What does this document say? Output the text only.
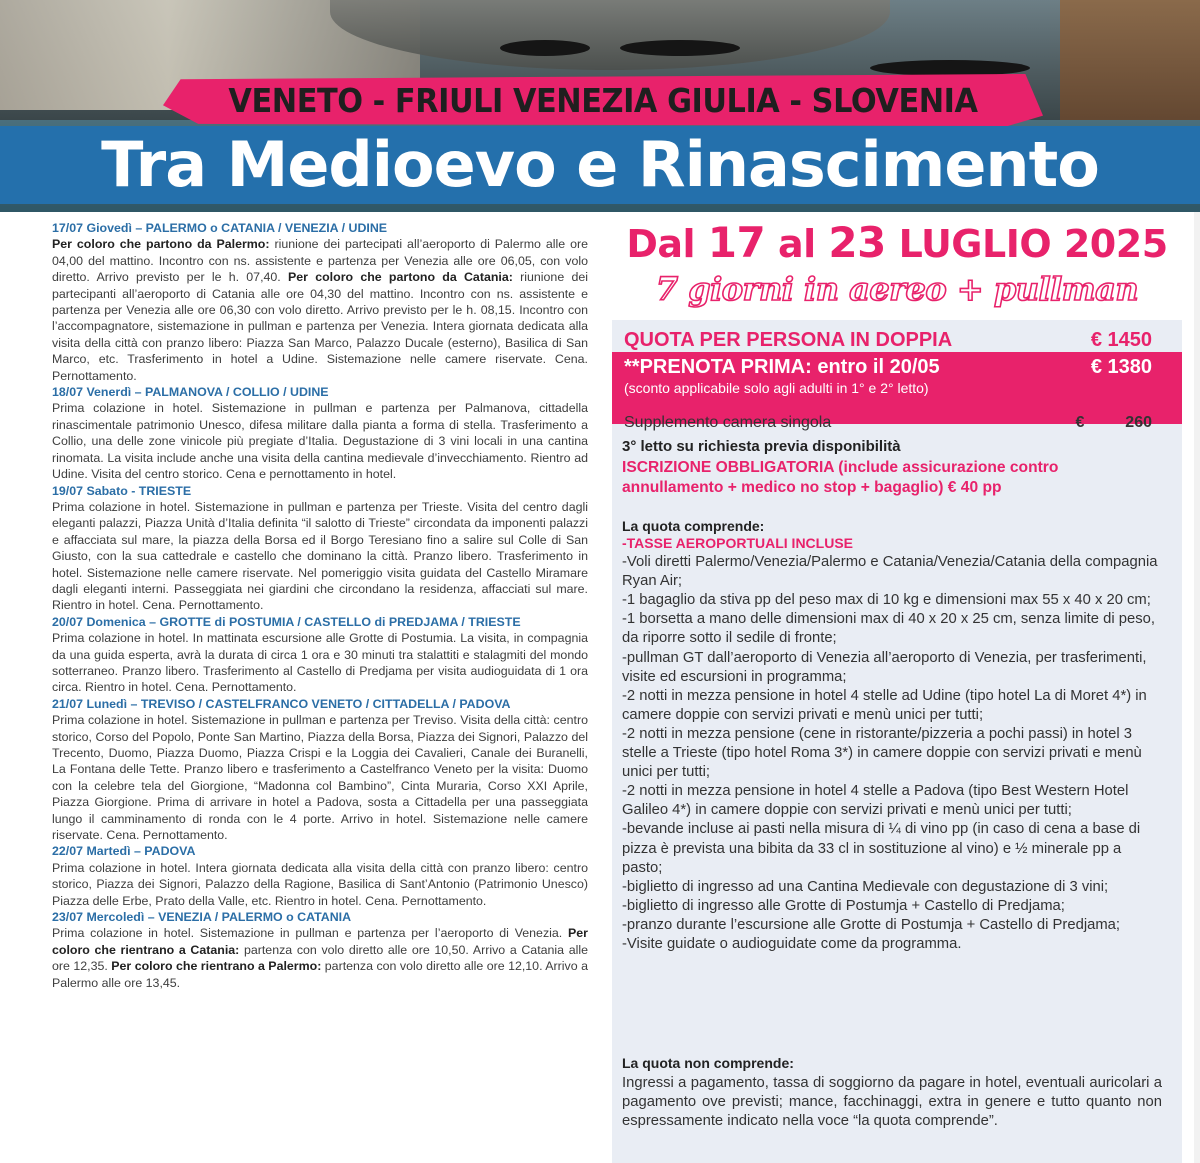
VENETO - FRIULI VENEZIA GIULIA - SLOVENIA
Tra Medioevo e Rinascimento

17/07 Giovedì – PALERMO o CATANIA / VENEZIA / UDINE
Per coloro che partono da Palermo: riunione dei partecipati all’aeroporto di Palermo alle ore 04,00 del mattino. Incontro con ns. assistente e partenza per Venezia alle ore 06,05, con volo diretto. Arrivo previsto per le h. 07,40. Per coloro che partono da Catania: riunione dei partecipanti all’aeroporto di Catania alle ore 04,30 del mattino. Incontro con ns. assistente e partenza per Venezia alle ore 06,30 con volo diretto. Arrivo previsto per le h. 08,15. Incontro con l’accompagnatore, sistemazione in pullman e partenza per Venezia. Intera giornata dedicata alla visita della città con pranzo libero: Piazza San Marco, Palazzo Ducale (esterno), Basilica di San Marco, etc. Trasferimento in hotel a Udine. Sistemazione nelle camere riservate. Cena. Pernottamento.

18/07 Venerdì – PALMANOVA / COLLIO / UDINE
Prima colazione in hotel. Sistemazione in pullman e partenza per Palmanova, cittadella rinascimentale patrimonio Unesco, difesa militare dalla pianta a forma di stella. Trasferimento a Collio, una delle zone vinicole più pregiate d’Italia. Degustazione di 3 vini locali in una cantina rinomata. La visita include anche una visita della cantina medievale d’invecchiamento. Rientro ad Udine. Visita del centro storico. Cena e pernottamento in hotel.

19/07 Sabato - TRIESTE
Prima colazione in hotel. Sistemazione in pullman e partenza per Trieste. Visita del centro dagli eleganti palazzi, Piazza Unità d’Italia definita “il salotto di Trieste” circondata da imponenti palazzi e affacciata sul mare, la piazza della Borsa ed il Borgo Teresiano fino a salire sul Colle di San Giusto, con la sua cattedrale e castello che dominano la città. Pranzo libero. Trasferimento in hotel. Sistemazione nelle camere riservate. Nel pomeriggio visita guidata del Castello Miramare dagli eleganti interni. Passeggiata nei giardini che circondano la residenza, affacciati sul mare. Rientro in hotel. Cena. Pernottamento.

20/07 Domenica – GROTTE di POSTUMIA / CASTELLO di PREDJAMA / TRIESTE
Prima colazione in hotel. In mattinata escursione alle Grotte di Postumia. La visita, in compagnia da una guida esperta, avrà la durata di circa 1 ora e 30 minuti tra stalattiti e stalagmiti del mondo sotterraneo. Pranzo libero. Trasferimento al Castello di Predjama per visita audioguidata di 1 ora circa. Rientro in hotel. Cena. Pernottamento.

21/07 Lunedì – TREVISO / CASTELFRANCO VENETO / CITTADELLA / PADOVA
Prima colazione in hotel. Sistemazione in pullman e partenza per Treviso. Visita della città: centro storico, Corso del Popolo, Ponte San Martino, Piazza della Borsa, Piazza dei Signori, Palazzo del Trecento, Duomo, Piazza Duomo, Piazza Crispi e la Loggia dei Cavalieri, Canale dei Buranelli, La Fontana delle Tette. Pranzo libero e trasferimento a Castelfranco Veneto per la visita: Duomo con la celebre tela del Giorgione, “Madonna col Bambino”, Cinta Muraria, Corso XXI Aprile, Piazza Giorgione. Prima di arrivare in hotel a Padova, sosta a Cittadella per una passeggiata lungo il camminamento di ronda con le 4 porte. Arrivo in hotel. Sistemazione nelle camere riservate. Cena. Pernottamento.

22/07 Martedì – PADOVA
Prima colazione in hotel. Intera giornata dedicata alla visita della città con pranzo libero: centro storico, Piazza dei Signori, Palazzo della Ragione, Basilica di Sant’Antonio (Patrimonio Unesco) Piazza delle Erbe, Prato della Valle, etc. Rientro in hotel. Cena. Pernottamento.

23/07 Mercoledì – VENEZIA / PALERMO o CATANIA
Prima colazione in hotel. Sistemazione in pullman e partenza per l’aeroporto di Venezia. Per coloro che rientrano a Catania: partenza con volo diretto alle ore 10,50. Arrivo a Catania alle ore 12,35. Per coloro che rientrano a Palermo: partenza con volo diretto alle ore 12,10. Arrivo a Palermo alle ore 13,45.

Dal 17 al 23 LUGLIO 2025
7 giorni in aereo + pullman
QUOTA PER PERSONA IN DOPPIA	€ 1450
**PRENOTA PRIMA: entro il 20/05	€ 1380
(sconto applicabile solo agli adulti in 1° e 2° letto)
Supplemento camera singola	€	260
3° letto su richiesta previa disponibilità
ISCRIZIONE OBBLIGATORIA (include assicurazione contro annullamento + medico no stop + bagaglio) € 40 pp
La quota comprende:
-TASSE AEROPORTUALI INCLUSE
-Voli diretti Palermo/Venezia/Palermo e Catania/Venezia/Catania della compagnia Ryan Air;
-1 bagaglio da stiva pp del peso max di 10 kg e dimensioni max 55 x 40 x 20 cm;
-1 borsetta a mano delle dimensioni max di 40 x 20 x 25 cm, senza limite di peso, da riporre sotto il sedile di fronte;
-pullman GT dall’aeroporto di Venezia all’aeroporto di Venezia, per trasferimenti, visite ed escursioni in programma;
-2 notti in mezza pensione in hotel 4 stelle ad Udine (tipo hotel La di Moret 4*) in camere doppie con servizi privati e menù unici per tutti;
-2 notti in mezza pensione (cene in ristorante/pizzeria a pochi passi) in hotel 3 stelle a Trieste (tipo hotel Roma 3*) in camere doppie con servizi privati e menù unici per tutti;
-2 notti in mezza pensione in hotel 4 stelle a Padova (tipo Best Western Hotel Galileo 4*) in camere doppie con servizi privati e menù unici per tutti;
-bevande incluse ai pasti nella misura di ¼ di vino pp (in caso di cena a base di pizza è prevista una bibita da 33 cl in sostituzione al vino) e ½ minerale pp a pasto;
-biglietto di ingresso ad una Cantina Medievale con degustazione di 3 vini;
-biglietto di ingresso alle Grotte di Postumja + Castello di Predjama;
-pranzo durante l’escursione alle Grotte di Postumja + Castello di Predjama;
-Visite guidate o audioguidate come da programma.
La quota non comprende:

Ingressi a pagamento, tassa di soggiorno da pagare in hotel, eventuali auricolari a pagamento ove previsti; mance, facchinaggi, extra in genere e tutto quanto non espressamente indicato nella voce “la quota comprende”.
